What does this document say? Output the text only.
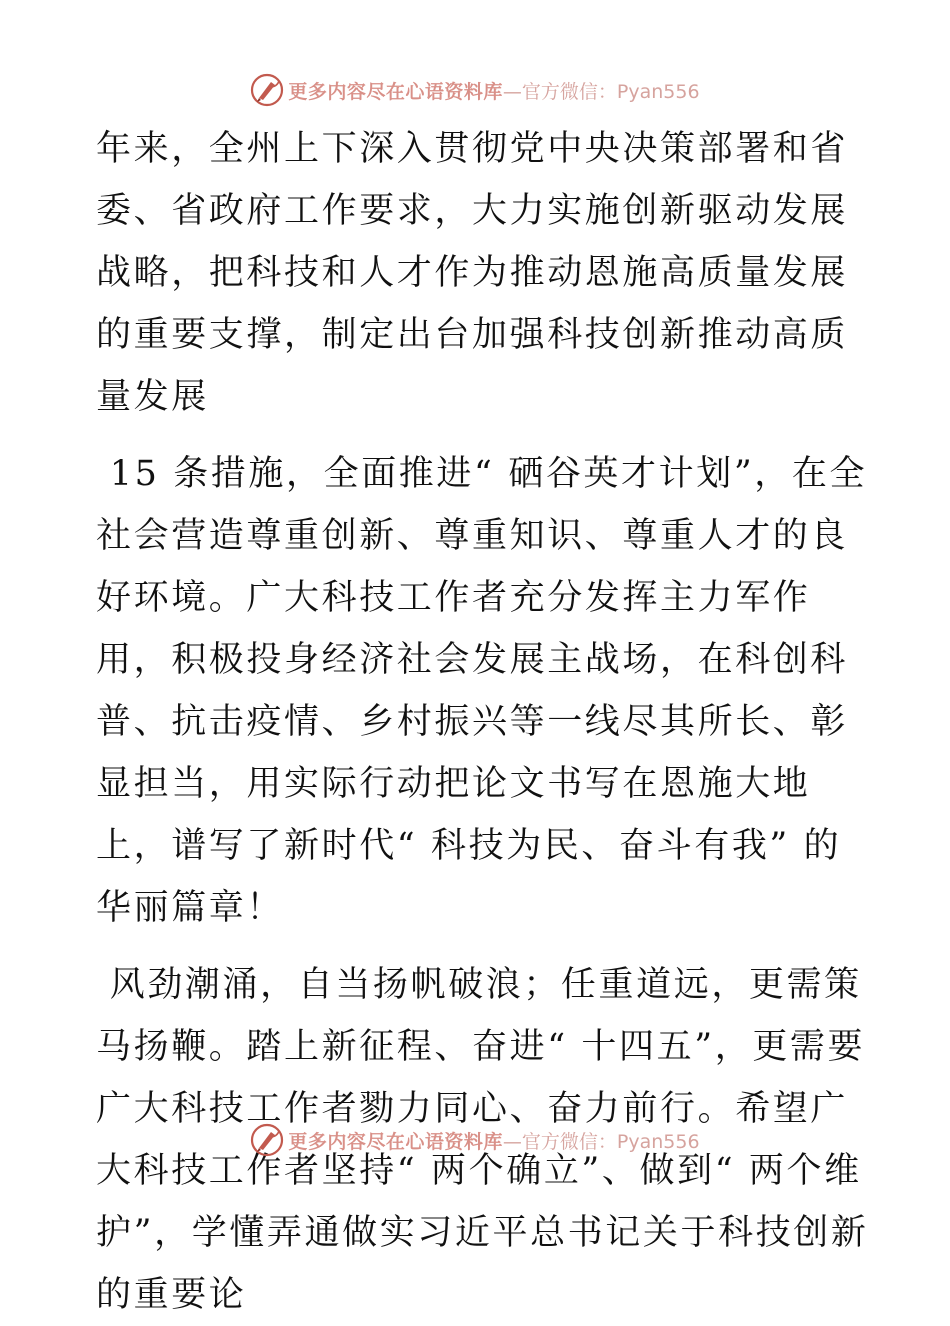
更多内容尽在心语资料库 —官方微信：Pyan556

年来，全州上下深入贯彻党中央决策部署和省委、省政府工作要求，大力实施创新驱动发展战略，把科技和人才作为推动恩施高质量发展的重要支撑，制定出台加强科技创新推动高质量发展

15 条措施，全面推进“ 硒谷英才计划”，在全社会营造尊重创新、尊重知识、尊重人才的良好环境。广大科技工作者充分发挥主力军作用，积极投身经济社会发展主战场，在科创科普、抗击疫情、乡村振兴等一线尽其所长、彰显担当，用实际行动把论文书写在恩施大地上，谱写了新时代“ 科技为民、奋斗有我” 的华丽篇章！

风劲潮涌，自当扬帆破浪；任重道远，更需策马扬鞭。踏上新征程、奋进“ 十四五”，更需要广大科技工作者勠力同心、奋力前行。希望广大科技工作者坚持“ 两个确立”、做到“ 两个维护”，学懂弄通做实习近平总书记关于科技创新的重要论

更多内容尽在心语资料库 —官方微信：Pyan556
